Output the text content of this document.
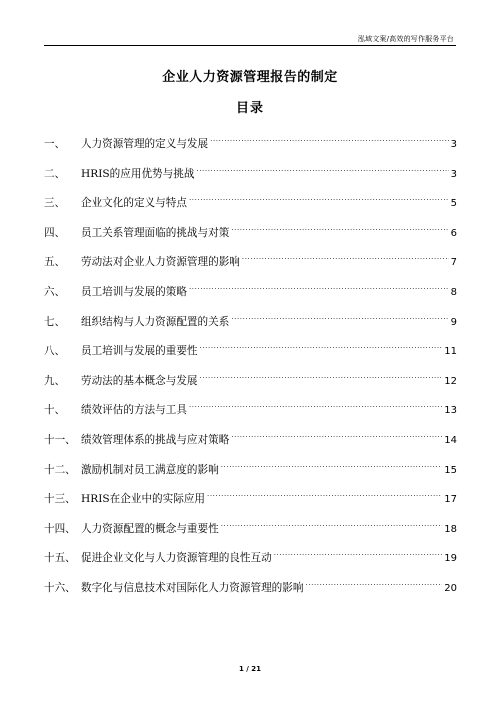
泓域文案/高效的写作服务平台
企业人力资源管理报告的制定
目录
一、	人力资源管理的定义与发展 .....	3
二、	HRIS的应用优势与挑战 .....	3
三、	企业文化的定义与特点 .....	5
四、	员工关系管理面临的挑战与对策 .....	6
五、	劳动法对企业人力资源管理的影响 .....	7
六、	员工培训与发展的策略 .....	8
七、	组织结构与人力资源配置的关系 .....	9
八、	员工培训与发展的重要性 .....	11
九、	劳动法的基本概念与发展 .....	12
十、	绩效评估的方法与工具 .....	13
十一、 绩效管理体系的挑战与应对策略 .....	14
十二、 激励机制对员工满意度的影响 .....	15
十三、 HRIS在企业中的实际应用 .....	17
十四、 人力资源配置的概念与重要性 .....	18
十五、 促进企业文化与人力资源管理的良性互动 .....	19
十六、 数字化与信息技术对国际化人力资源管理的影响 .....	20
1 / 21
